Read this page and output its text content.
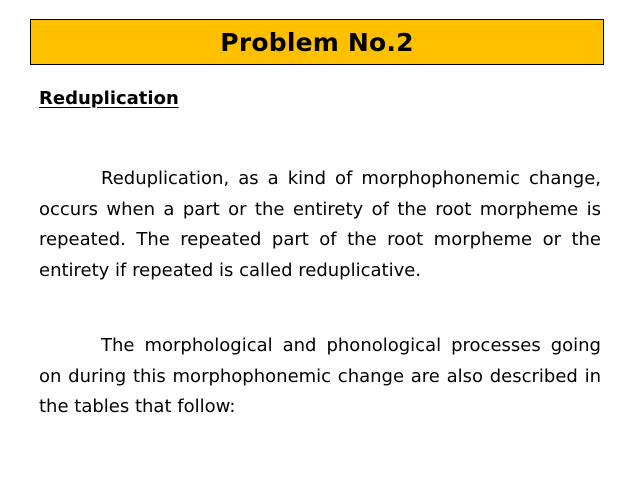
Problem No.2
Reduplication
Reduplication, as a kind of morphophonemic change, occurs when a part or the entirety of the root morpheme is repeated. The repeated part of the root morpheme or the entirety if repeated is called reduplicative.
The morphological and phonological processes going on during this morphophonemic change are also described in the tables that follow:
